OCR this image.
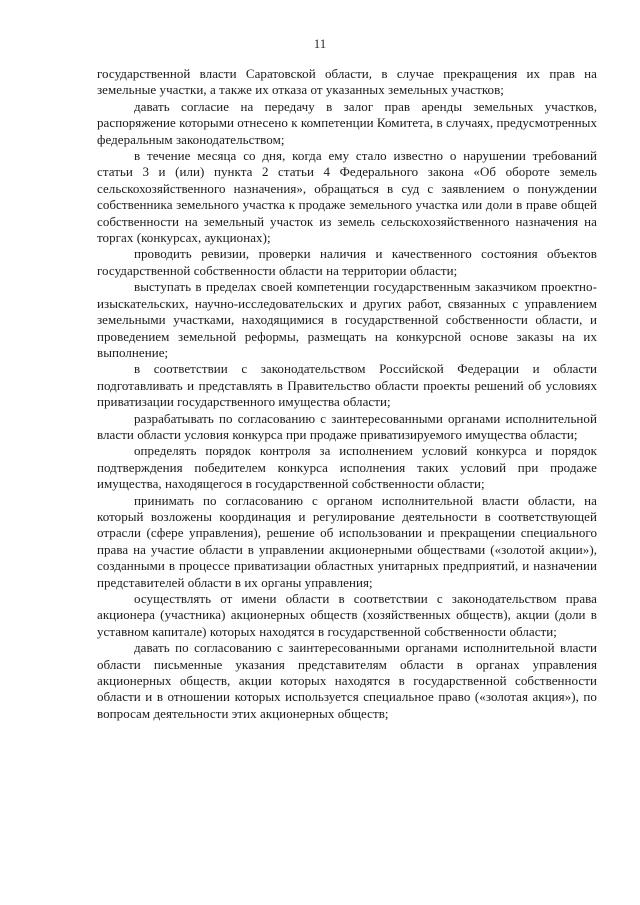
11

государственной власти Саратовской области, в случае прекращения их прав на земельные участки, а также их отказа от указанных земельных участков;

давать согласие на передачу в залог прав аренды земельных участков, распоряжение которыми отнесено к компетенции Комитета, в случаях, предусмотренных федеральным законодательством;

в течение месяца со дня, когда ему стало известно о нарушении требований статьи 3 и (или) пункта 2 статьи 4 Федерального закона «Об обороте земель сельскохозяйственного назначения», обращаться в суд с заявлением о понуждении собственника земельного участка к продаже земельного участка или доли в праве общей собственности на земельный участок из земель сельскохозяйственного назначения на торгах (конкурсах, аукционах);

проводить ревизии, проверки наличия и качественного состояния объектов государственной собственности области на территории области;

выступать в пределах своей компетенции государственным заказчиком проектно-изыскательских, научно-исследовательских и других работ, связанных с управлением земельными участками, находящимися в государственной собственности области, и проведением земельной реформы, размещать на конкурсной основе заказы на их выполнение;

в соответствии с законодательством Российской Федерации и области подготавливать и представлять в Правительство области проекты решений об условиях приватизации государственного имущества области;

разрабатывать по согласованию с заинтересованными органами исполнительной власти области условия конкурса при продаже приватизируемого имущества области;

определять порядок контроля за исполнением условий конкурса и порядок подтверждения победителем конкурса исполнения таких условий при продаже имущества, находящегося в государственной собственности области;

принимать по согласованию с органом исполнительной власти области, на который возложены координация и регулирование деятельности в соответствующей отрасли (сфере управления), решение об использовании и прекращении специального права на участие области в управлении акционерными обществами («золотой акции»), созданными в процессе приватизации областных унитарных предприятий, и назначении представителей области в их органы управления;

осуществлять от имени области в соответствии с законодательством права акционера (участника) акционерных обществ (хозяйственных обществ), акции (доли в уставном капитале) которых находятся в государственной собственности области;

давать по согласованию с заинтересованными органами исполнительной власти области письменные указания представителям области в органах управления акционерных обществ, акции которых находятся в государственной собственности области и в отношении которых используется специальное право («золотая акция»), по вопросам деятельности этих акционерных обществ;
